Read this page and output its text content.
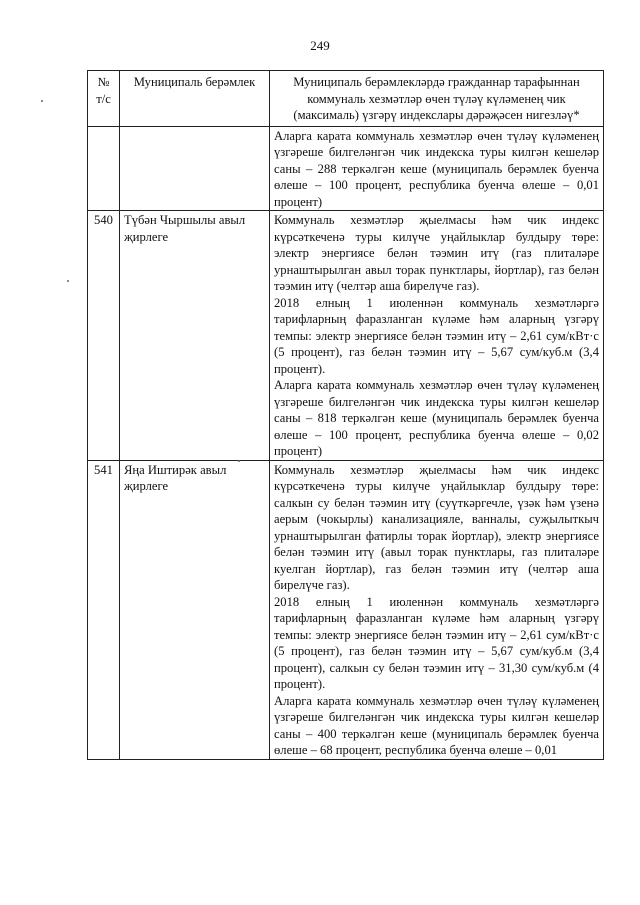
249
№ т/с	Муниципаль берәмлек	Муниципаль берәмлекләрдә гражданнар тарафыннан коммуналь хезмәтләр өчен түләү күләменең чик (максималь) үзгәрү индекслары дәрәҗәсен нигезләү*

		Аларга карата коммуналь хезмәтләр өчен түләү күләменең үзгәреше билгеләнгән чик индекска туры килгән кешеләр саны – 288 теркәлгән кеше (муниципаль берәмлек буенча өлеше – 100 процент, республика буенча өлеше – 0,01 процент)

540	Түбән Чыршылы авыл җирлеге	Коммуналь хезмәтләр җыелмасы һәм чик индекс күрсәткеченә туры килүче уңайлыклар булдыру төре: электр энергиясе белән тәэмин итү (газ плиталәре урнаштырылган авыл торак пунктлары, йортлар), газ белән тәэмин итү (челтәр аша бирелүче газ).

2018 елның 1 июленнән коммуналь хезмәтләргә тарифларның фаразланган күләме һәм аларның үзгәрү темпы: электр энергиясе белән тәэмин итү – 2,61 сум/кВт·с (5 процент), газ белән тәэмин итү – 5,67 сум/куб.м (3,4 процент).

Аларга карата коммуналь хезмәтләр өчен түләү күләменең үзгәреше билгеләнгән чик индекска туры килгән кешеләр саны – 818 теркәлгән кеше (муниципаль берәмлек буенча өлеше – 100 процент, республика буенча өлеше – 0,02 процент)

541	Яңа Иштирәк авыл җирлеге	Коммуналь хезмәтләр җыелмасы һәм чик индекс күрсәткеченә туры килүче уңайлыклар булдыру төре: салкын су белән тәэмин итү (суүткәргечле, үзәк һәм үзенә аерым (чокырлы) канализацияле, ванналы, суҗылыткыч урнаштырылган фатирлы торак йортлар), электр энергиясе белән тәэмин итү (авыл торак пунктлары, газ плиталәре куелган йортлар), газ белән тәэмин итү (челтәр аша бирелүче газ).

2018 елның 1 июленнән коммуналь хезмәтләргә тарифларның фаразланган күләме һәм аларның үзгәрү темпы: электр энергиясе белән тәэмин итү – 2,61 сум/кВт·с (5 процент), газ белән тәэмин итү – 5,67 сум/куб.м (3,4 процент), салкын су белән тәэмин итү – 31,30 сум/куб.м (4 процент).

Аларга карата коммуналь хезмәтләр өчен түләү күләменең үзгәреше билгеләнгән чик индекска туры килгән кешеләр саны – 400 теркәлгән кеше (муниципаль берәмлек буенча өлеше – 68 процент, республика буенча өлеше – 0,01
